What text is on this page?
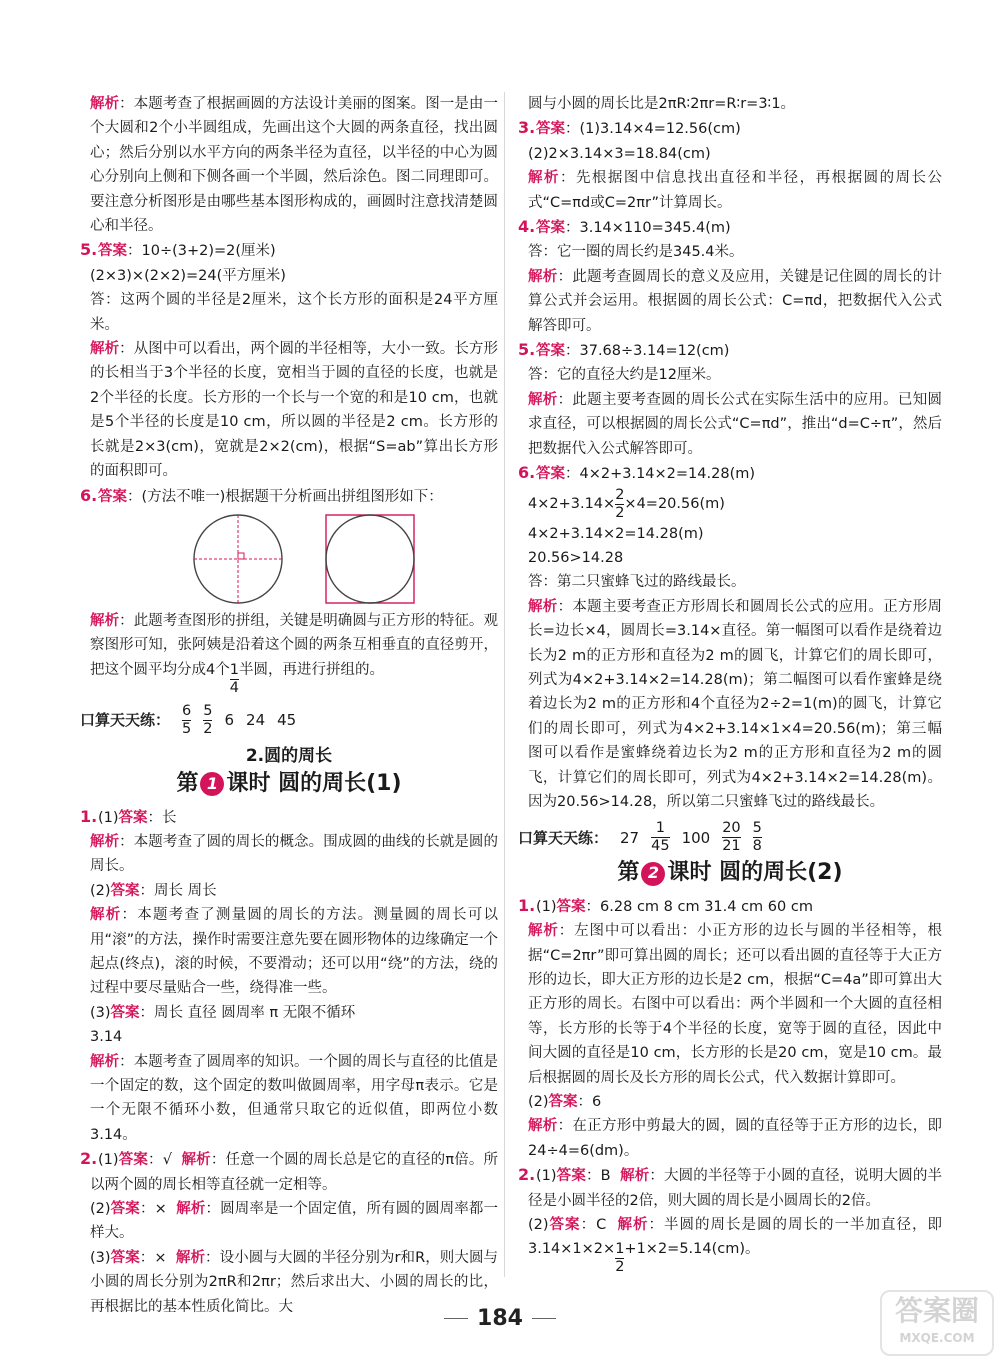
解析：本题考查了根据画圆的方法设计美丽的图案。图一是由一个大圆和2个小半圆组成，先画出这个大圆的两条直径，找出圆心；然后分别以水平方向的两条半径为直径，以半径的中心为圆心分别向上侧和下侧各画一个半圆，然后涂色。图二同理即可。要注意分析图形是由哪些基本图形构成的，画圆时注意找清楚圆心和半径。

5.答案：10÷(3+2)=2(厘米)

(2×3)×(2×2)=24(平方厘米)

答：这两个圆的半径是2厘米，这个长方形的面积是24平方厘米。

解析：从图中可以看出，两个圆的半径相等，大小一致。长方形的长相当于3个半径的长度，宽相当于圆的直径的长度，也就是2个半径的长度。长方形的一个长与一个宽的和是10 cm，也就是5个半径的长度是10 cm，所以圆的半径是2 cm。长方形的长就是2×3(cm)，宽就是2×2(cm)，根据“S=ab”算出长方形的面积即可。

6.答案：(方法不唯一)根据题干分析画出拼组图形如下：

解析：此题考查图形的拼组，关键是明确圆与正方形的特征。观察图形可知，张阿姨是沿着这个圆的两条互相垂直的直径剪开，把这个圆平均分成4个 $\frac{1}{4}$ 半圆，再进行拼组的。

口算天天练： $\frac{6}{5} \frac{5}{2} 6$ 24 45
2.圆的周长
第 1 课时 圆的周长(1)

1.(1)答案：长

解析：本题考查了圆的周长的概念。围成圆的曲线的长就是圆的周长。

(2)答案：周长 周长

解析：本题考查了测量圆的周长的方法。测量圆的周长可以用“滚”的方法，操作时需要注意先要在圆形物体的边缘确定一个起点(终点)，滚的时候，不要滑动；还可以用“绕”的方法，绕的过程中要尽量贴合一些，绕得准一些。

(3)答案：周长 直径 圆周率 π 无限不循环

3.14

解析：本题考查了圆周率的知识。一个圆的周长与直径的比值是一个固定的数，这个固定的数叫做圆周率，用字母π表示。它是一个无限不循环小数，但通常只取它的近似值，即两位小数3.14。

2.(1)答案：√ 解析：任意一个圆的周长总是它的直径的π倍。所以两个圆的周长相等直径就一定相等。

(2)答案：× 解析：圆周率是一个固定值，所有圆的圆周率都一样大。

(3)答案：× 解析：设小圆与大圆的半径分别为r和R，则大圆与小圆的周长分别为2πR和2πr；然后求出大、小圆的周长的比，再根据比的基本性质化简比。大

圆与小圆的周长比是2πR∶2πr=R∶r=3∶1。

3.答案：(1)3.14×4=12.56(cm)

(2)2×3.14×3=18.84(cm)

解析：先根据图中信息找出直径和半径，再根据圆的周长公式“C=πd或C=2πr”计算周长。

4.答案：3.14×110=345.4(m)

答：它一圈的周长约是345.4米。

解析：此题考查圆周长的意义及应用，关键是记住圆的周长的计算公式并会运用。根据圆的周长公式：C=πd，把数据代入公式解答即可。

5.答案：37.68÷3.14=12(cm)

答：它的直径大约是12厘米。

解析：此题主要考查圆的周长公式在实际生活中的应用。已知圆求直径，可以根据圆的周长公式“C=πd”，推出“d=C÷π”，然后把数据代入公式解答即可。

6.答案：4×2+3.14×2=14.28(m)

$4\times 2+3.14\times \frac{2}{2} \times 4=20.56(m)$

4×2+3.14×2=14.28(m)

20.56>14.28

答：第二只蜜蜂飞过的路线最长。

解析：本题主要考查正方形周长和圆周长公式的应用。正方形周长=边长×4，圆周长=3.14×直径。第一幅图可以看作是绕着边长为2 m的正方形和直径为2 m的圆飞，计算它们的周长即可，列式为4×2+3.14×2=14.28(m)；第二幅图可以看作蜜蜂是绕着边长为2 m的正方形和4个直径为2÷2=1(m)的圆飞，计算它们的周长即可，列式为4×2+3.14×1×4=20.56(m)；第三幅图可以看作是蜜蜂绕着边长为2 m的正方形和直径为2 m的圆飞，计算它们的周长即可，列式为4×2+3.14×2=14.28(m)。因为20.56>14.28，所以第二只蜜蜂飞过的路线最长。

口算天天练： $27 \frac{1}{45} 100 \frac{20}{21} \frac{5}{8}$
第 2 课时 圆的周长(2)

1.(1)答案：6.28 cm 8 cm 31.4 cm 60 cm

解析：左图中可以看出：小正方形的边长与圆的半径相等，根据“C=2πr”即可算出圆的周长；还可以看出圆的直径等于大正方形的边长，即大正方形的边长是2 cm，根据“C=4a”即可算出大正方形的周长。右图中可以看出：两个半圆和一个大圆的直径相等，长方形的长等于4个半径的长度，宽等于圆的直径，因此中间大圆的直径是10 cm，长方形的长是20 cm，宽是10 cm。最后根据圆的周长及长方形的周长公式，代入数据计算即可。

(2)答案：6

解析：在正方形中剪最大的圆，圆的直径等于正方形的边长，即24÷4=6(dm)。

2.(1)答案：B 解析：大圆的半径等于小圆的直径，说明大圆的半径是小圆半径的2倍，则大圆的周长是小圆周长的2倍。

(2)答案：C 解析：半圆的周长是圆的周长的一半加直径，即$3.14\times 1\times 2\times \frac{1}{2} +1\times 2=5.14(cm)$。

184	答案圈
MXQE.COM
